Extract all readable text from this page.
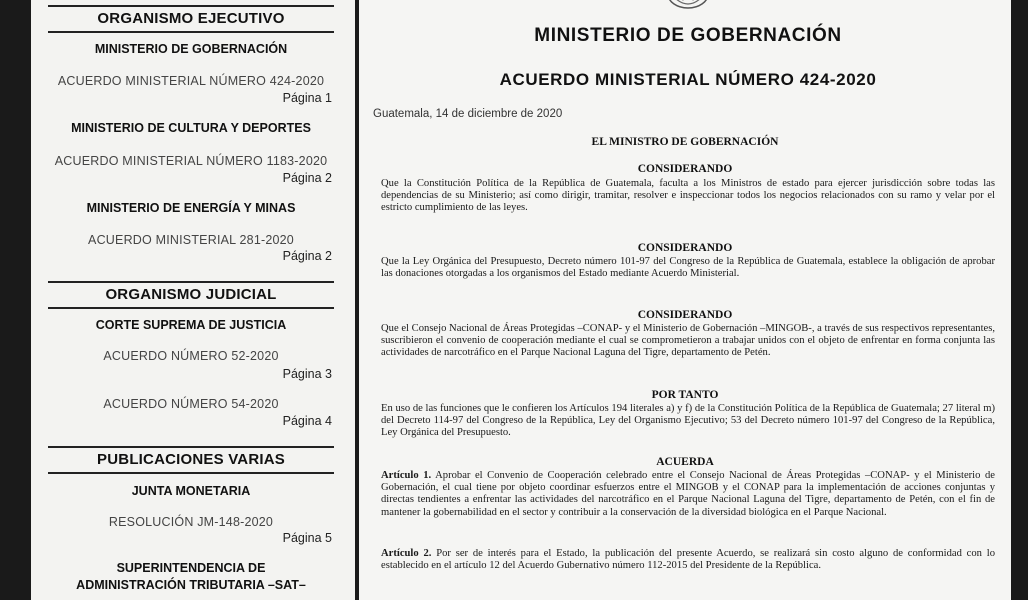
ORGANISMO EJECUTIVO
MINISTERIO DE GOBERNACIÓN
ACUERDO MINISTERIAL NÚMERO 424-2020
Página 1
MINISTERIO DE CULTURA Y DEPORTES
ACUERDO MINISTERIAL NÚMERO 1183-2020
Página 2
MINISTERIO DE ENERGÍA Y MINAS
ACUERDO MINISTERIAL 281-2020
Página 2
ORGANISMO JUDICIAL
CORTE SUPREMA DE JUSTICIA
ACUERDO NÚMERO 52-2020
Página 3
ACUERDO NÚMERO 54-2020
Página 4
PUBLICACIONES VARIAS
JUNTA MONETARIA
RESOLUCIÓN JM-148-2020
Página 5
SUPERINTENDENCIA DE
ADMINISTRACIÓN TRIBUTARIA –SAT–
MINISTERIO DE GOBERNACIÓN
ACUERDO MINISTERIAL NÚMERO 424-2020
Guatemala, 14 de diciembre de 2020
EL MINISTRO DE GOBERNACIÓN
CONSIDERANDO
Que la Constitución Política de la República de Guatemala, faculta a los Ministros de estado para ejercer jurisdicción sobre todas las dependencias de su Ministerio; así como dirigir, tramitar, resolver e inspeccionar todos los negocios relacionados con su ramo y velar por el estricto cumplimiento de las leyes.
CONSIDERANDO
Que la Ley Orgánica del Presupuesto, Decreto número 101-97 del Congreso de la República de Guatemala, establece la obligación de aprobar las donaciones otorgadas a los organismos del Estado mediante Acuerdo Ministerial.
CONSIDERANDO
Que el Consejo Nacional de Áreas Protegidas –CONAP- y el Ministerio de Gobernación –MINGOB-, a través de sus respectivos representantes, suscribieron el convenio de cooperación mediante el cual se comprometieron a trabajar unidos con el objeto de enfrentar en forma conjunta las actividades de narcotráfico en el Parque Nacional Laguna del Tigre, departamento de Petén.
POR TANTO
En uso de las funciones que le confieren los Artículos 194 literales a) y f) de la Constitución Política de la República de Guatemala; 27 literal m) del Decreto 114-97 del Congreso de la República, Ley del Organismo Ejecutivo; 53 del Decreto número 101-97 del Congreso de la República, Ley Orgánica del Presupuesto.
ACUERDA
Artículo 1. Aprobar el Convenio de Cooperación celebrado entre el Consejo Nacional de Áreas Protegidas –CONAP- y el Ministerio de Gobernación, el cual tiene por objeto coordinar esfuerzos entre el MINGOB y el CONAP para la implementación de acciones conjuntas y directas tendientes a enfrentar las actividades del narcotráfico en el Parque Nacional Laguna del Tigre, departamento de Petén, con el fin de mantener la gobernabilidad en el sector y contribuir a la conservación de la diversidad biológica en el Parque Nacional.
Artículo 2. Por ser de interés para el Estado, la publicación del presente Acuerdo, se realizará sin costo alguno de conformidad con lo establecido en el artículo 12 del Acuerdo Gubernativo número 112-2015 del Presidente de la República.
